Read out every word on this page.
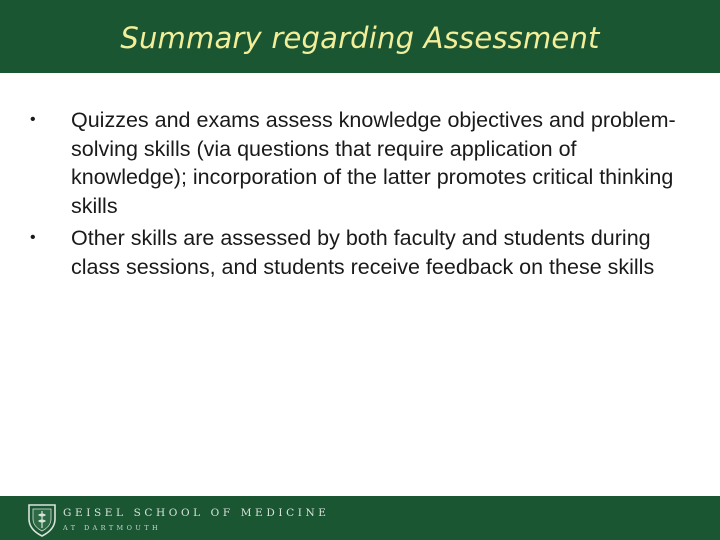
Summary regarding Assessment
•	Quizzes and exams assess knowledge objectives and problem-solving skills (via questions that require application of knowledge); incorporation of the latter promotes critical thinking skills
•	Other skills are assessed by both faculty and students during class sessions, and students receive feedback on these skills
GEISEL SCHOOL OF MEDICINE
AT DARTMOUTH
